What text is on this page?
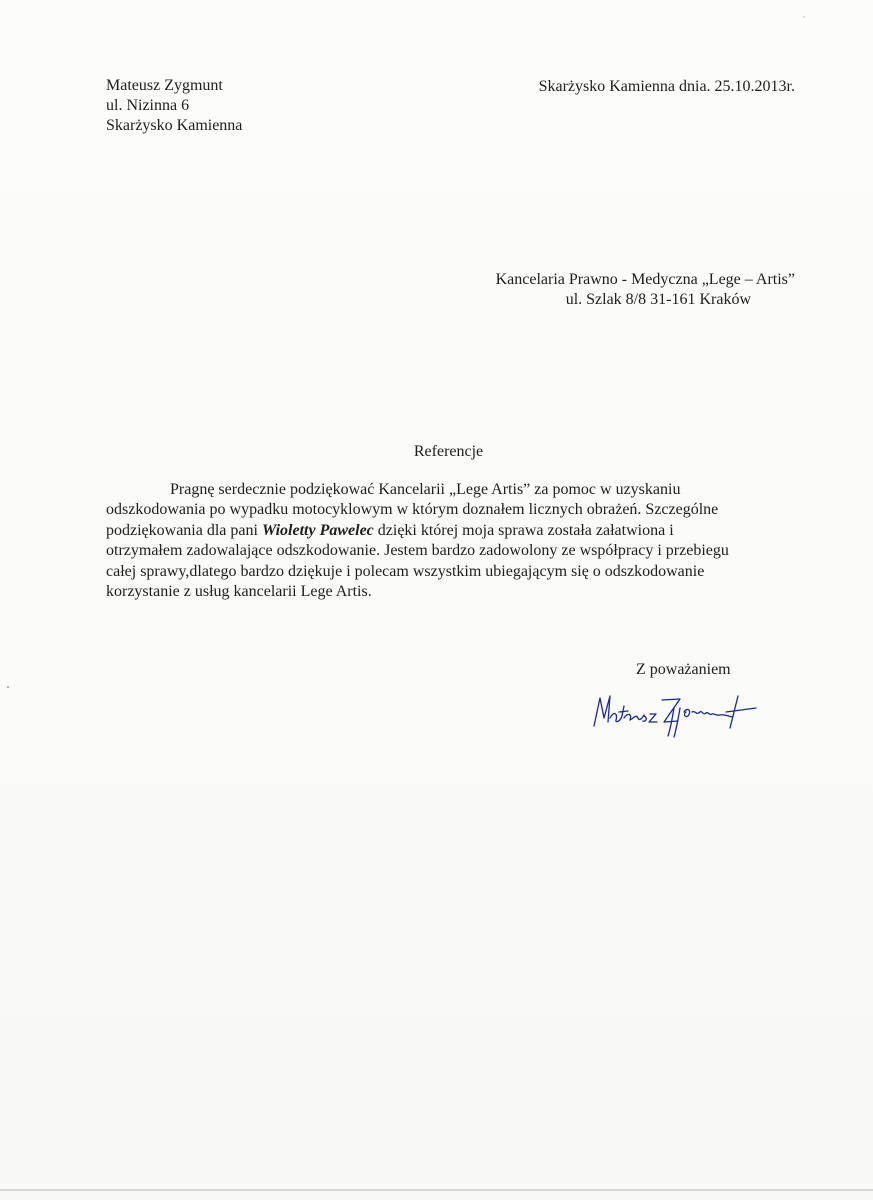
Mateusz Zygmunt
ul. Nizinna 6
Skarżysko Kamienna
Skarżysko Kamienna dnia. 25.10.2013r.
Kancelaria Prawno - Medyczna „Lege – Artis”
ul. Szlak 8/8 31-161 Kraków
Referencje
Pragnę serdecznie podziękować Kancelarii „Lege Artis” za pomoc w uzyskaniu
odszkodowania po wypadku motocyklowym w którym doznałem licznych obrażeń. Szczególne
podziękowania dla pani Wioletty Pawelec dzięki której moja sprawa została załatwiona i
otrzymałem zadowalające odszkodowanie. Jestem bardzo zadowolony ze współpracy i przebiegu
całej sprawy,dlatego bardzo dziękuje i polecam wszystkim ubiegającym się o odszkodowanie
korzystanie z usług kancelarii Lege Artis.
Z poważaniem
